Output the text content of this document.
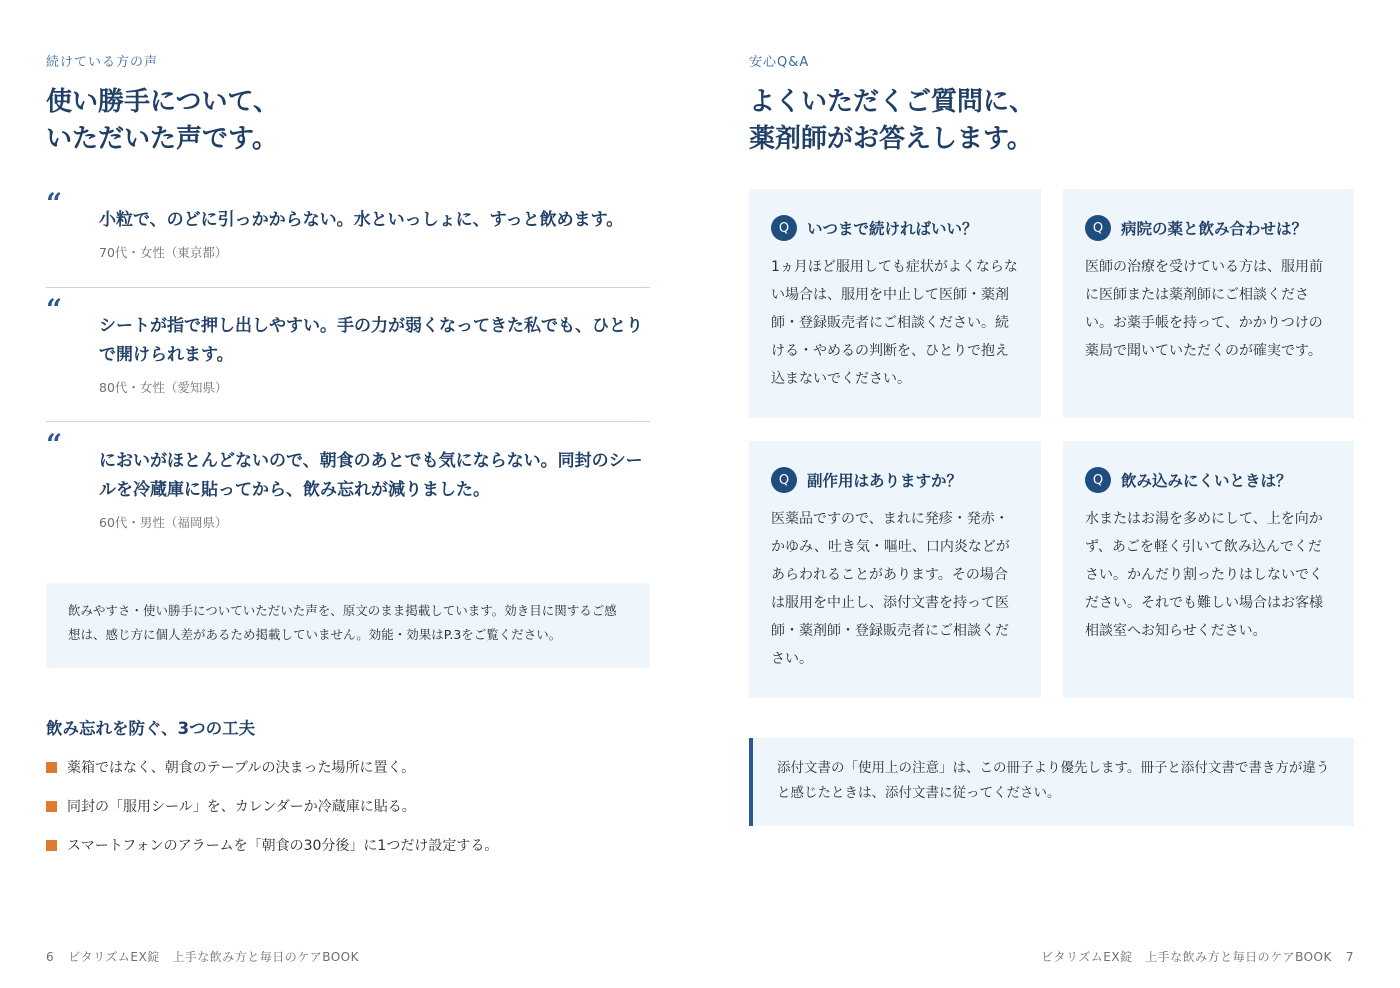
続けている方の声
使い勝手について、
いただいた声です。
“ 小粒で、のどに引っかからない。水といっしょに、すっと飲めます。
70代・女性（東京都）
“ シートが指で押し出しやすい。手の力が弱くなってきた私でも、ひとりで開けられます。
80代・女性（愛知県）
“ においがほとんどないので、朝食のあとでも気にならない。同封のシールを冷蔵庫に貼ってから、飲み忘れが減りました。
60代・男性（福岡県）

飲みやすさ・使い勝手についていただいた声を、原文のまま掲載しています。効き目に関するご感想は、感じ方に個人差があるため掲載していません。効能・効果はP.3をご覧ください。

飲み忘れを防ぐ、3つの工夫
薬箱ではなく、朝食のテーブルの決まった場所に置く。
同封の「服用シール」を、カレンダーか冷蔵庫に貼る。
スマートフォンのアラームを「朝食の30分後」に1つだけ設定する。
安心Q&A
よくいただくご質問に、
薬剤師がお答えします。
Q	いつまで続ければいい？

1ヵ月ほど服用しても症状がよくならない場合は、服用を中止して医師・薬剤師・登録販売者にご相談ください。続ける・やめるの判断を、ひとりで抱え込まないでください。

Q	病院の薬と飲み合わせは？

医師の治療を受けている方は、服用前に医師または薬剤師にご相談ください。お薬手帳を持って、かかりつけの薬局で聞いていただくのが確実です。

Q	副作用はありますか？

医薬品ですので、まれに発疹・発赤・かゆみ、吐き気・嘔吐、口内炎などがあらわれることがあります。その場合は服用を中止し、添付文書を持って医師・薬剤師・登録販売者にご相談ください。

Q	飲み込みにくいときは？

水またはお湯を多めにして、上を向かず、あごを軽く引いて飲み込んでください。かんだり割ったりはしないでください。それでも難しい場合はお客様相談室へお知らせください。

添付文書の「使用上の注意」は、この冊子より優先します。冊子と添付文書で書き方が違うと感じたときは、添付文書に従ってください。

6 ビタリズムEX錠　上手な飲み方と毎日のケアBOOK	ビタリズムEX錠　上手な飲み方と毎日のケアBOOK 7
